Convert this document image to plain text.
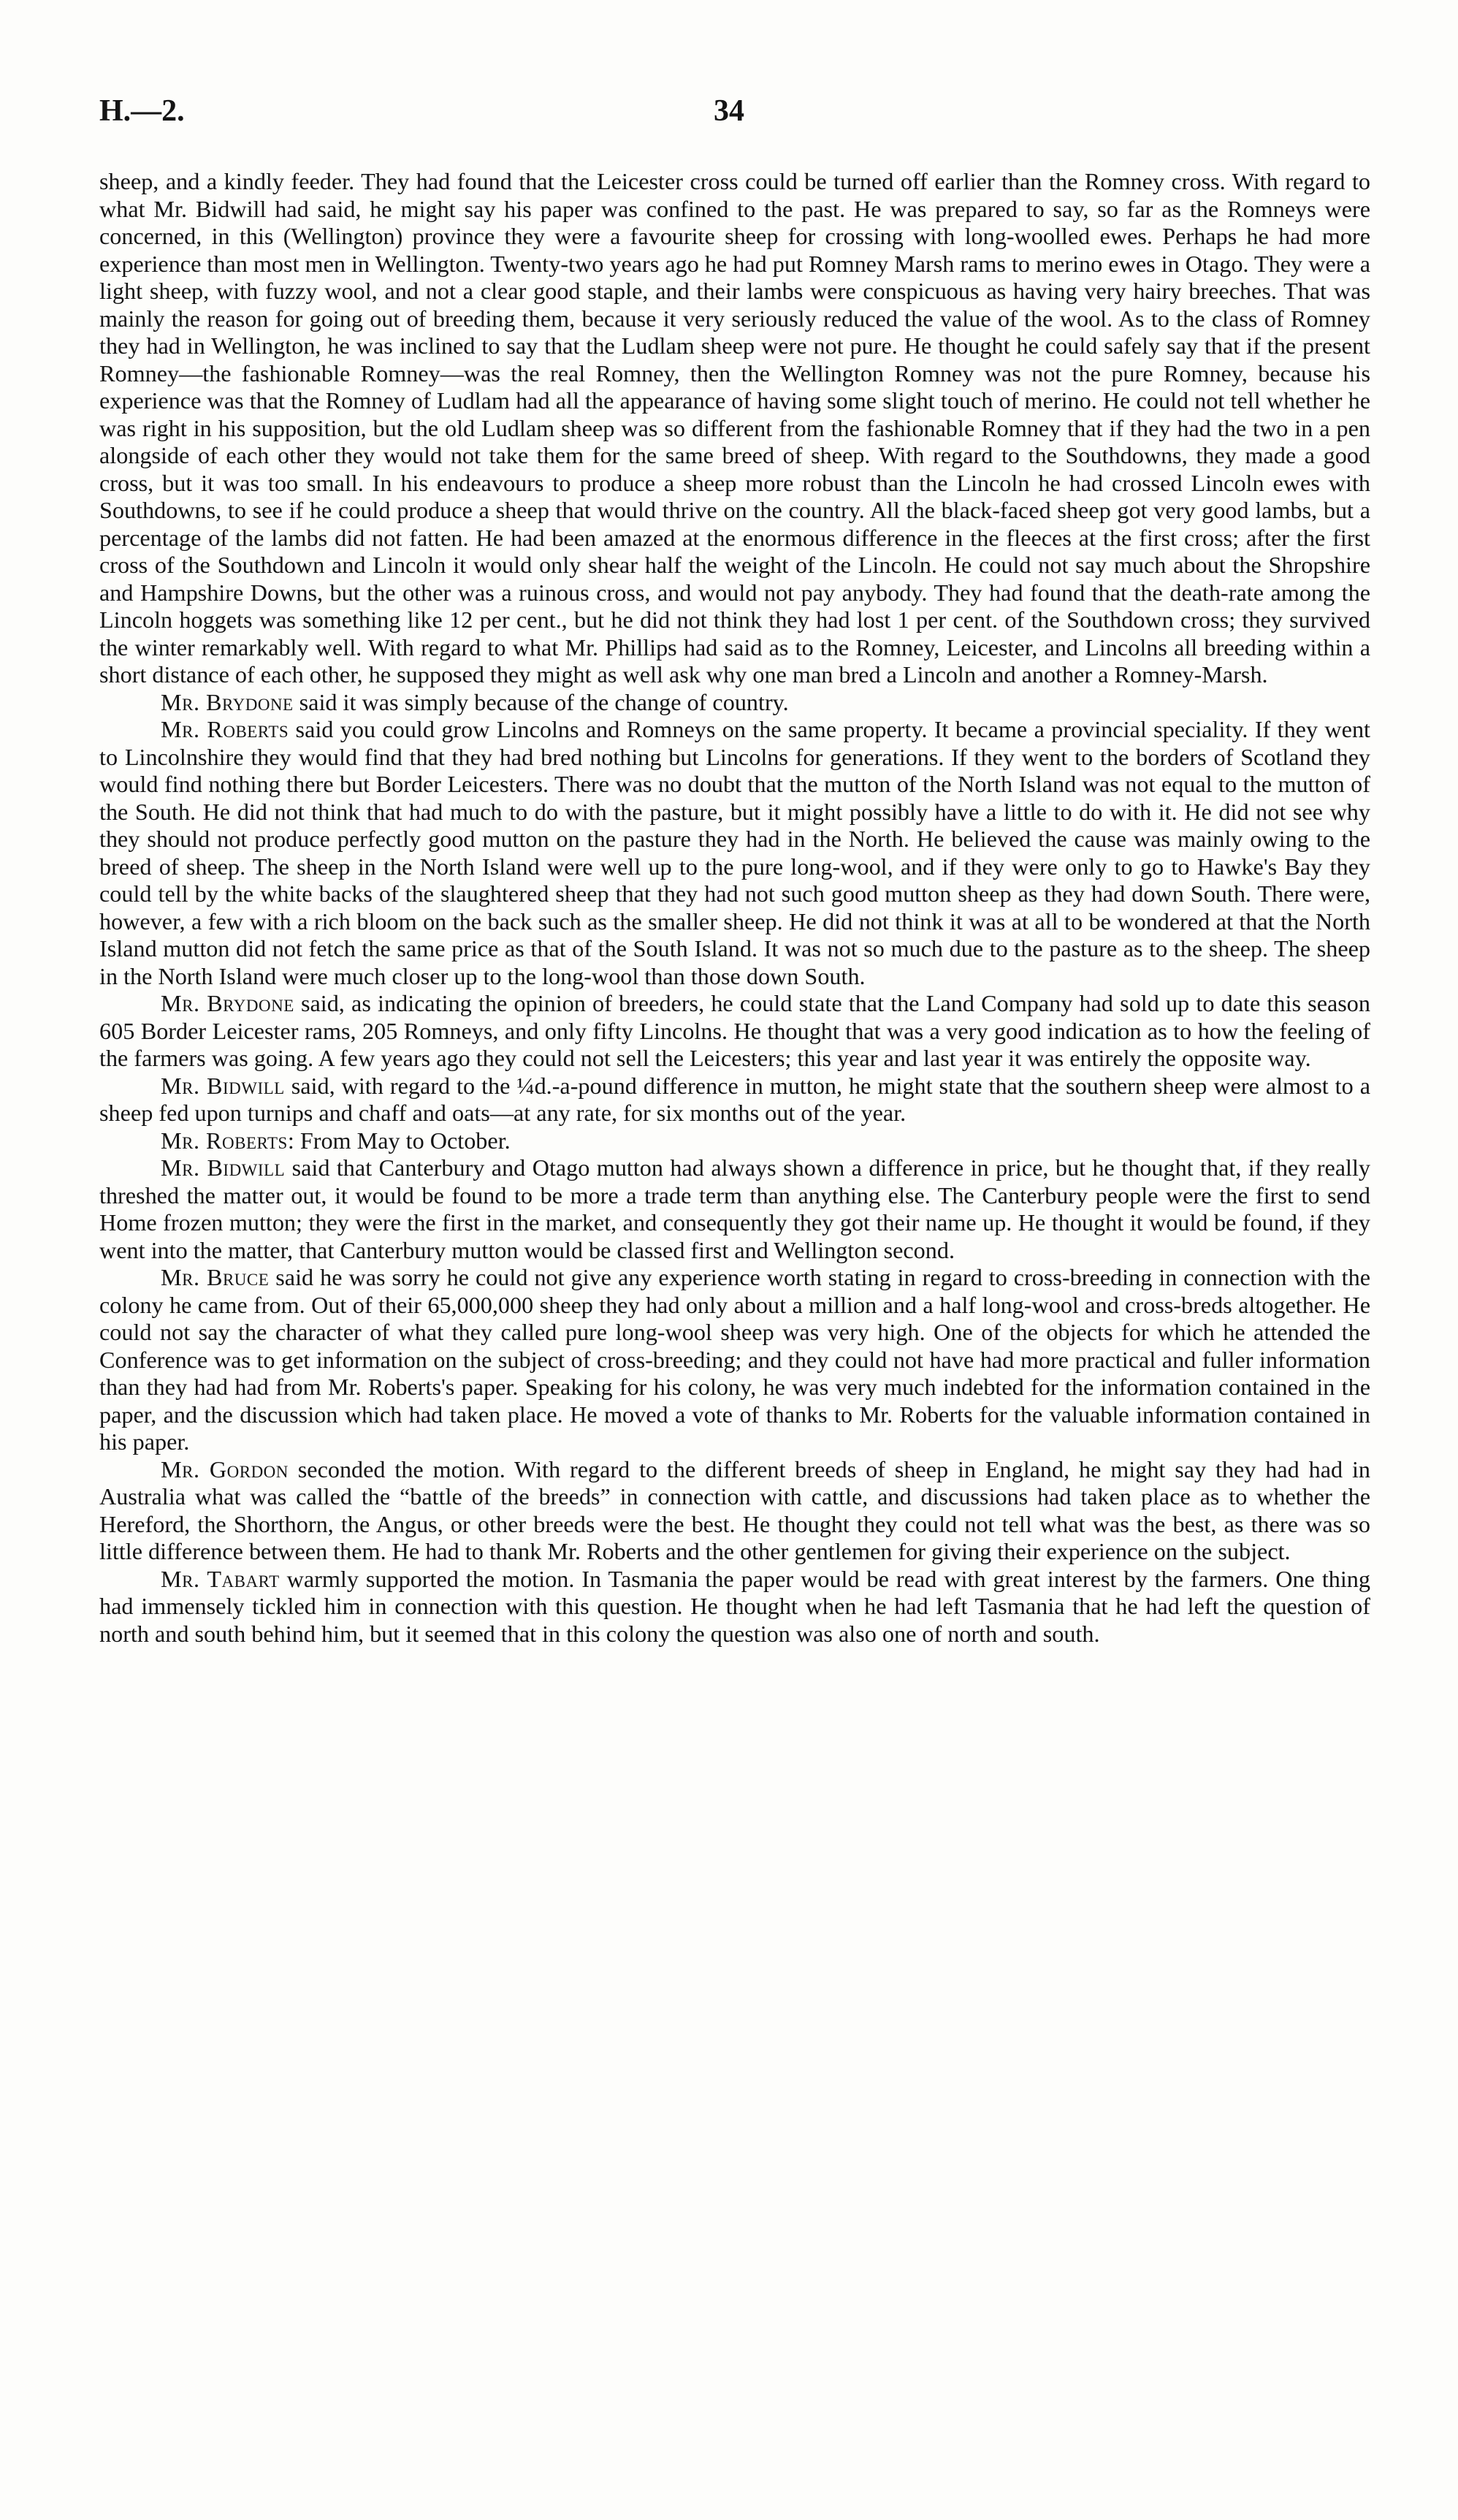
H.—2.	34

sheep, and a kindly feeder. They had found that the Leicester cross could be turned off earlier than the Romney cross. With regard to what Mr. Bidwill had said, he might say his paper was confined to the past. He was prepared to say, so far as the Romneys were concerned, in this (Wellington) province they were a favourite sheep for crossing with long-woolled ewes. Perhaps he had more experience than most men in Wellington. Twenty-two years ago he had put Romney Marsh rams to merino ewes in Otago. They were a light sheep, with fuzzy wool, and not a clear good staple, and their lambs were conspicuous as having very hairy breeches. That was mainly the reason for going out of breeding them, because it very seriously reduced the value of the wool. As to the class of Romney they had in Wellington, he was inclined to say that the Ludlam sheep were not pure. He thought he could safely say that if the present Romney—the fashionable Romney—was the real Romney, then the Wellington Romney was not the pure Romney, because his experience was that the Romney of Ludlam had all the appearance of having some slight touch of merino. He could not tell whether he was right in his supposition, but the old Ludlam sheep was so different from the fashionable Romney that if they had the two in a pen alongside of each other they would not take them for the same breed of sheep. With regard to the Southdowns, they made a good cross, but it was too small. In his endeavours to produce a sheep more robust than the Lincoln he had crossed Lincoln ewes with Southdowns, to see if he could produce a sheep that would thrive on the country. All the black-faced sheep got very good lambs, but a percentage of the lambs did not fatten. He had been amazed at the enormous difference in the fleeces at the first cross; after the first cross of the Southdown and Lincoln it would only shear half the weight of the Lincoln. He could not say much about the Shropshire and Hampshire Downs, but the other was a ruinous cross, and would not pay anybody. They had found that the death-rate among the Lincoln hoggets was something like 12 per cent., but he did not think they had lost 1 per cent. of the Southdown cross; they survived the winter remarkably well. With regard to what Mr. Phillips had said as to the Romney, Leicester, and Lincolns all breeding within a short distance of each other, he supposed they might as well ask why one man bred a Lincoln and another a Romney-Marsh.

Mr. Brydone said it was simply because of the change of country.

Mr. Roberts said you could grow Lincolns and Romneys on the same property. It became a provincial speciality. If they went to Lincolnshire they would find that they had bred nothing but Lincolns for generations. If they went to the borders of Scotland they would find nothing there but Border Leicesters. There was no doubt that the mutton of the North Island was not equal to the mutton of the South. He did not think that had much to do with the pasture, but it might possibly have a little to do with it. He did not see why they should not produce perfectly good mutton on the pasture they had in the North. He believed the cause was mainly owing to the breed of sheep. The sheep in the North Island were well up to the pure long-wool, and if they were only to go to Hawke's Bay they could tell by the white backs of the slaughtered sheep that they had not such good mutton sheep as they had down South. There were, however, a few with a rich bloom on the back such as the smaller sheep. He did not think it was at all to be wondered at that the North Island mutton did not fetch the same price as that of the South Island. It was not so much due to the pasture as to the sheep. The sheep in the North Island were much closer up to the long-wool than those down South.

Mr. Brydone said, as indicating the opinion of breeders, he could state that the Land Company had sold up to date this season 605 Border Leicester rams, 205 Romneys, and only fifty Lincolns. He thought that was a very good indication as to how the feeling of the farmers was going. A few years ago they could not sell the Leicesters; this year and last year it was entirely the opposite way.

Mr. Bidwill said, with regard to the ¼d.-a-pound difference in mutton, he might state that the southern sheep were almost to a sheep fed upon turnips and chaff and oats—at any rate, for six months out of the year.

Mr. Roberts: From May to October.

Mr. Bidwill said that Canterbury and Otago mutton had always shown a difference in price, but he thought that, if they really threshed the matter out, it would be found to be more a trade term than anything else. The Canterbury people were the first to send Home frozen mutton; they were the first in the market, and consequently they got their name up. He thought it would be found, if they went into the matter, that Canterbury mutton would be classed first and Wellington second.

Mr. Bruce said he was sorry he could not give any experience worth stating in regard to cross-breeding in connection with the colony he came from. Out of their 65,000,000 sheep they had only about a million and a half long-wool and cross-breds altogether. He could not say the character of what they called pure long-wool sheep was very high. One of the objects for which he attended the Conference was to get information on the subject of cross-breeding; and they could not have had more practical and fuller information than they had had from Mr. Roberts's paper. Speaking for his colony, he was very much indebted for the information contained in the paper, and the discussion which had taken place. He moved a vote of thanks to Mr. Roberts for the valuable information contained in his paper.

Mr. Gordon seconded the motion. With regard to the different breeds of sheep in England, he might say they had had in Australia what was called the “battle of the breeds” in connection with cattle, and discussions had taken place as to whether the Hereford, the Shorthorn, the Angus, or other breeds were the best. He thought they could not tell what was the best, as there was so little difference between them. He had to thank Mr. Roberts and the other gentlemen for giving their experience on the subject.

Mr. Tabart warmly supported the motion. In Tasmania the paper would be read with great interest by the farmers. One thing had immensely tickled him in connection with this question. He thought when he had left Tasmania that he had left the question of north and south behind him, but it seemed that in this colony the question was also one of north and south.
